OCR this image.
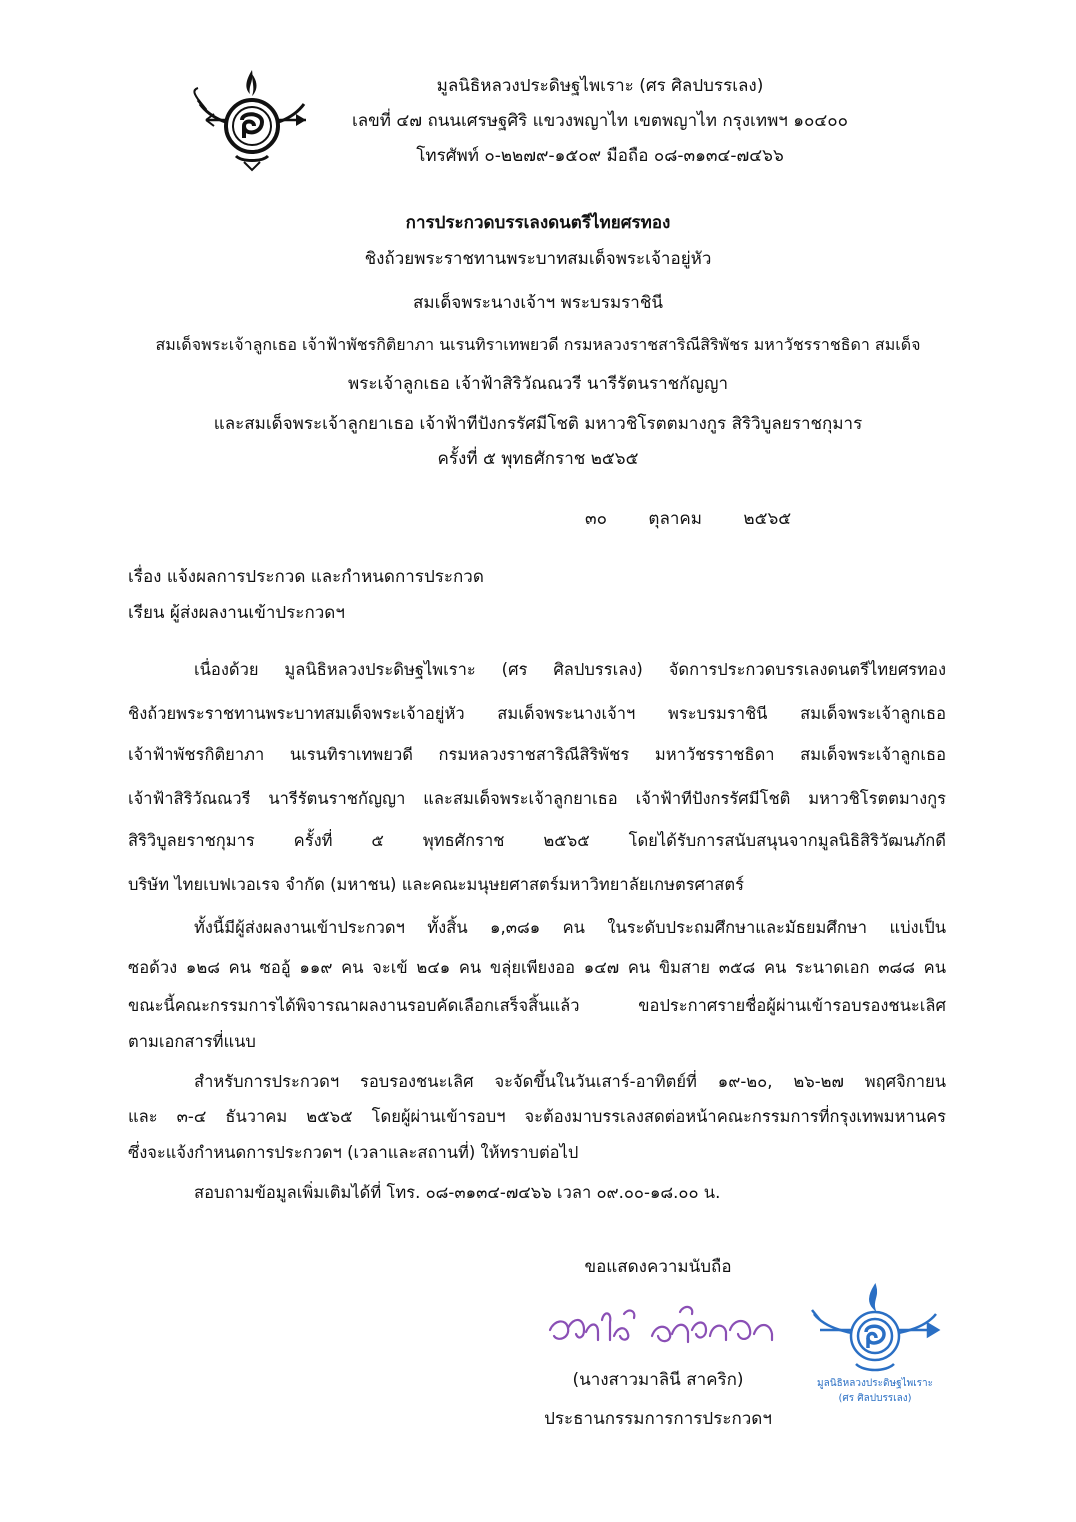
มูลนิธิหลวงประดิษฐไพเราะ (ศร ศิลปบรรเลง)
เลขที่ ๔๗ ถนนเศรษฐศิริ แขวงพญาไท เขตพญาไท กรุงเทพฯ ๑๐๔๐๐
โทรศัพท์ ๐-๒๒๗๙-๑๕๐๙ มือถือ ๐๘-๓๑๓๔-๗๔๖๖
การประกวดบรรเลงดนตรีไทยศรทอง
ชิงถ้วยพระราชทานพระบาทสมเด็จพระเจ้าอยู่หัว
สมเด็จพระนางเจ้าฯ พระบรมราชินี
สมเด็จพระเจ้าลูกเธอ เจ้าฟ้าพัชรกิติยาภา นเรนทิราเทพยวดี กรมหลวงราชสาริณีสิริพัชร มหาวัชรราชธิดา สมเด็จ
พระเจ้าลูกเธอ เจ้าฟ้าสิริวัณณวรี นารีรัตนราชกัญญา
และสมเด็จพระเจ้าลูกยาเธอ เจ้าฟ้าทีปังกรรัศมีโชติ มหาวชิโรตตมางกูร สิริวิบูลยราชกุมาร
ครั้งที่ ๕ พุทธศักราช ๒๕๖๕
๓๐ ตุลาคม ๒๕๖๕
เรื่อง แจ้งผลการประกวด และกำหนดการประกวด
เรียน ผู้ส่งผลงานเข้าประกวดฯ
เนื่องด้วย มูลนิธิหลวงประดิษฐไพเราะ (ศร ศิลปบรรเลง) จัดการประกวดบรรเลงดนตรีไทยศรทอง
ชิงถ้วยพระราชทานพระบาทสมเด็จพระเจ้าอยู่หัว สมเด็จพระนางเจ้าฯ พระบรมราชินี สมเด็จพระเจ้าลูกเธอ
เจ้าฟ้าพัชรกิติยาภา นเรนทิราเทพยวดี กรมหลวงราชสาริณีสิริพัชร มหาวัชรราชธิดา สมเด็จพระเจ้าลูกเธอ
เจ้าฟ้าสิริวัณณวรี นารีรัตนราชกัญญา และสมเด็จพระเจ้าลูกยาเธอ เจ้าฟ้าทีปังกรรัศมีโชติ มหาวชิโรตตมางกูร
สิริวิบูลยราชกุมาร ครั้งที่ ๕ พุทธศักราช ๒๕๖๕ โดยได้รับการสนับสนุนจากมูลนิธิสิริวัฒนภักดี
บริษัท ไทยเบฟเวอเรจ จำกัด (มหาชน) และคณะมนุษยศาสตร์มหาวิทยาลัยเกษตรศาสตร์
ทั้งนี้มีผู้ส่งผลงานเข้าประกวดฯ ทั้งสิ้น ๑,๓๘๑ คน ในระดับประถมศึกษาและมัธยมศึกษา แบ่งเป็น
ซอด้วง ๑๒๘ คน ซออู้ ๑๑๙ คน จะเข้ ๒๔๑ คน ขลุ่ยเพียงออ ๑๔๗ คน ขิมสาย ๓๕๘ คน ระนาดเอก ๓๘๘ คน
ขณะนี้คณะกรรมการได้พิจารณาผลงานรอบคัดเลือกเสร็จสิ้นแล้ว ขอประกาศรายชื่อผู้ผ่านเข้ารอบรองชนะเลิศ
ตามเอกสารที่แนบ
สำหรับการประกวดฯ รอบรองชนะเลิศ จะจัดขึ้นในวันเสาร์-อาทิตย์ที่ ๑๙-๒๐, ๒๖-๒๗ พฤศจิกายน
และ ๓-๔ ธันวาคม ๒๕๖๕ โดยผู้ผ่านเข้ารอบฯ จะต้องมาบรรเลงสดต่อหน้าคณะกรรมการที่กรุงเทพมหานคร
ซึ่งจะแจ้งกำหนดการประกวดฯ (เวลาและสถานที่) ให้ทราบต่อไป
สอบถามข้อมูลเพิ่มเติมได้ที่ โทร. ๐๘-๓๑๓๔-๗๔๖๖ เวลา ๐๙.๐๐-๑๘.๐๐ น.
ขอแสดงความนับถือ
มูลนิธิหลวงประดิษฐไพเราะ
(ศร ศิลปบรรเลง)
(นางสาวมาลินี สาคริก)
ประธานกรรมการการประกวดฯ
